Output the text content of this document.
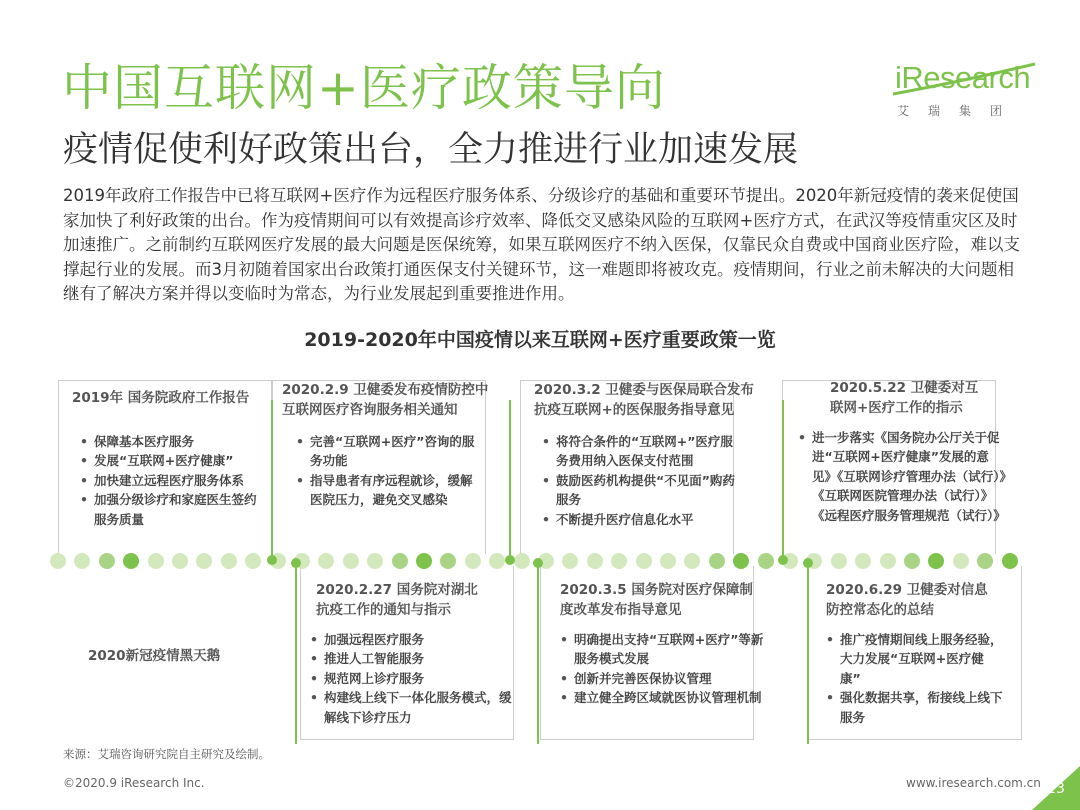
中国互联网+医疗政策导向
疫情促使利好政策出台，全力推进行业加速发展
iResearch
艾瑞集团
2019年政府工作报告中已将互联网+医疗作为远程医疗服务体系、分级诊疗的基础和重要环节提出。2020年新冠疫情的袭来促使国家加快了利好政策的出台。作为疫情期间可以有效提高诊疗效率、降低交叉感染风险的互联网+医疗方式，在武汉等疫情重灾区及时加速推广。之前制约互联网医疗发展的最大问题是医保统筹，如果互联网医疗不纳入医保，仅靠民众自费或中国商业医疗险，难以支撑起行业的发展。而3月初随着国家出台政策打通医保支付关键环节，这一难题即将被攻克。疫情期间，行业之前未解决的大问题相继有了解决方案并得以变临时为常态，为行业发展起到重要推进作用。
2019-2020年中国疫情以来互联网+医疗重要政策一览
2019年 国务院政府工作报告
• 保障基本医疗服务
• 发展“互联网+医疗健康”
• 加快建立远程医疗服务体系
• 加强分级诊疗和家庭医生签约服务质量
2020.2.9 卫健委发布疫情防控中
互联网医疗咨询服务相关通知
• 完善“互联网+医疗”咨询的服务功能
• 指导患者有序远程就诊，缓解医院压力，避免交叉感染
2020.3.2 卫健委与医保局联合发布
抗疫互联网+的医保服务指导意见
• 将符合条件的“互联网+”医疗服务费用纳入医保支付范围
• 鼓励医药机构提供“不见面”购药服务
• 不断提升医疗信息化水平
2020.5.22 卫健委对互
联网+医疗工作的指示
• 进一步落实《国务院办公厅关于促进“互联网+医疗健康”发展的意见》《互联网诊疗管理办法（试行）》《互联网医院管理办法（试行）》《远程医疗服务管理规范（试行）》
2020.2.27 国务院对湖北
抗疫工作的通知与指示
• 加强远程医疗服务
• 推进人工智能服务
• 规范网上诊疗服务
• 构建线上线下一体化服务模式，缓解线下诊疗压力
2020.3.5 国务院对医疗保障制
度改革发布指导意见
• 明确提出支持“互联网+医疗”等新服务模式发展
• 创新并完善医保协议管理
• 建立健全跨区域就医协议管理机制
2020.6.29 卫健委对信息
防控常态化的总结
• 推广疫情期间线上服务经验，大力发展“互联网+医疗健康”
• 强化数据共享，衔接线上线下服务
2020新冠疫情黑天鹅
来源：艾瑞咨询研究院自主研究及绘制。
©2020.9 iResearch Inc.	www.iresearch.com.cn 23
